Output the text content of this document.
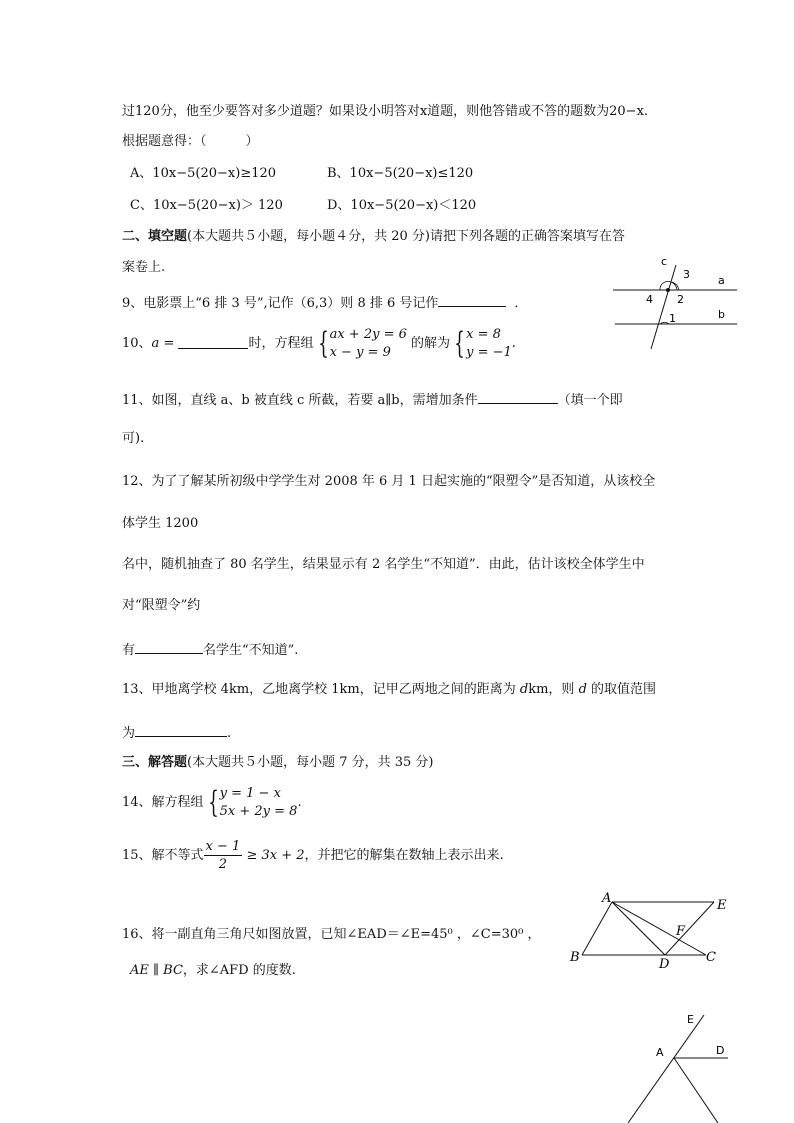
过120分，他至少要答对多少道题？如果设小明答对x道题，则他答错或不答的题数为20−x.
根据题意得：（　　　）
A、10x−5(20−x)≥120	B、10x−5(20−x)≤120
C、10x−5(20−x)＞ 120	D、10x−5(20−x)＜120
二、填空题(本大题共５小题，每小题４分，共 20 分)请把下列各题的正确答案填写在答
案卷上.
9、电影票上“6 排 3 号”,记作（6,3）则 8 排 6 号记作	．
10、a =	时，方程组 { ax + 2y = 6
x − y = 9
的解为 { x = 8
y = −1
.
11、如图，直线 a、b 被直线 c 所截，若要 a∥b，需增加条件	（填一个即
可).
12、为了了解某所初级中学学生对 2008 年 6 月 1 日起实施的“限塑令”是否知道，从该校全
体学生 1200
名中，随机抽查了 80 名学生，结果显示有 2 名学生“不知道”．由此，估计该校全体学生中
对“限塑令”约
有	名学生“不知道”.
13、甲地离学校 4km，乙地离学校 1km，记甲乙两地之间的距离为 dkm，则 d 的取值范围
为	.
三、解答题(本大题共５小题，每小题 7 分，共 35 分)
14、解方程组 { y = 1 − x
5x + 2y = 8
.
15、解不等式 $\frac{x - 1}{2} \ge 3x + 2$，并把它的解集在数轴上表示出来.
16、将一副直角三角尺如图放置，已知∠EAD＝∠E=45⁰ ，∠C=30⁰ ，
AE ∥ BC，求∠AFD 的度数.
c
3	a
4 2
1	b
A	E
F
B	D	C
E
A	D
